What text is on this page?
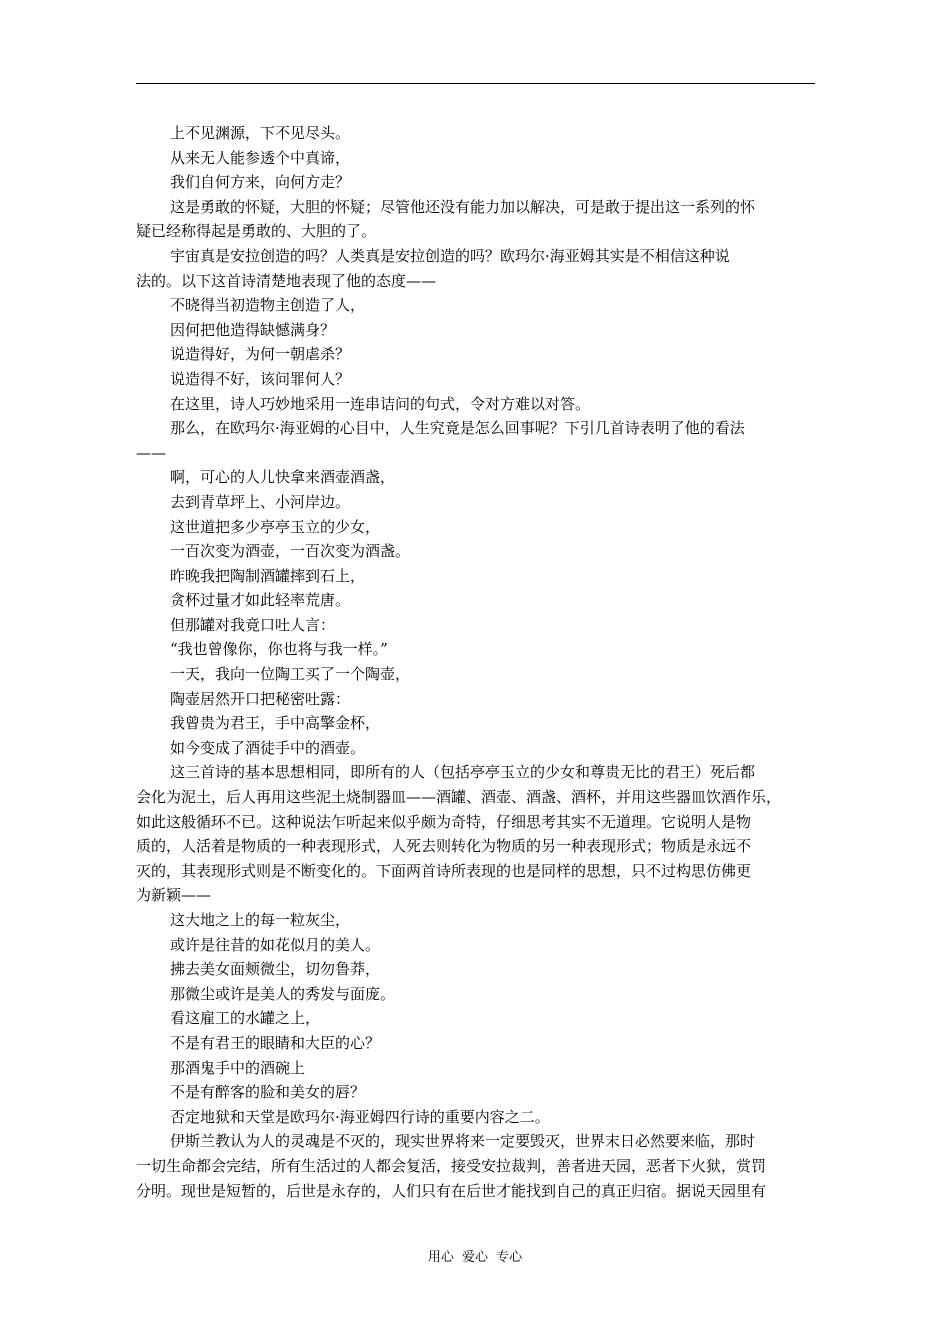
上不见渊源，下不见尽头。
从来无人能参透个中真谛，
我们自何方来，向何方走？
这是勇敢的怀疑，大胆的怀疑；尽管他还没有能力加以解决，可是敢于提出这一系列的怀
疑已经称得起是勇敢的、大胆的了。
宇宙真是安拉创造的吗？人类真是安拉创造的吗？欧玛尔·海亚姆其实是不相信这种说
法的。以下这首诗清楚地表现了他的态度——
不晓得当初造物主创造了人，
因何把他造得缺憾满身？
说造得好，为何一朝虐杀？
说造得不好，该问罪何人？
在这里，诗人巧妙地采用一连串诘问的句式，令对方难以对答。
那么，在欧玛尔·海亚姆的心目中，人生究竟是怎么回事呢？下引几首诗表明了他的看法
——
啊，可心的人儿快拿来酒壶酒盏，
去到青草坪上、小河岸边。
这世道把多少亭亭玉立的少女，
一百次变为酒壶，一百次变为酒盏。
昨晚我把陶制酒罐摔到石上，
贪杯过量才如此轻率荒唐。
但那罐对我竟口吐人言：
“我也曾像你，你也将与我一样。”
一天，我向一位陶工买了一个陶壶，
陶壶居然开口把秘密吐露：
我曾贵为君王，手中高擎金杯，
如今变成了酒徒手中的酒壶。
这三首诗的基本思想相同，即所有的人（包括亭亭玉立的少女和尊贵无比的君王）死后都
会化为泥土，后人再用这些泥土烧制器皿——酒罐、酒壶、酒盏、酒杯，并用这些器皿饮酒作乐，
如此这般循环不已。这种说法乍听起来似乎颇为奇特，仔细思考其实不无道理。它说明人是物
质的，人活着是物质的一种表现形式，人死去则转化为物质的另一种表现形式；物质是永远不
灭的，其表现形式则是不断变化的。下面两首诗所表现的也是同样的思想，只不过构思仿佛更
为新颖——
这大地之上的每一粒灰尘，
或许是往昔的如花似月的美人。
拂去美女面颊微尘，切勿鲁莽，
那微尘或许是美人的秀发与面庞。
看这雇工的水罐之上，
不是有君王的眼睛和大臣的心？
那酒鬼手中的酒碗上
不是有醉客的脸和美女的唇？
否定地狱和天堂是欧玛尔·海亚姆四行诗的重要内容之二。
伊斯兰教认为人的灵魂是不灭的，现实世界将来一定要毁灭，世界末日必然要来临，那时
一切生命都会完结，所有生活过的人都会复活，接受安拉裁判，善者进天园，恶者下火狱，赏罚
分明。现世是短暂的，后世是永存的，人们只有在后世才能找到自己的真正归宿。据说天园里有
用心 爱心 专心
